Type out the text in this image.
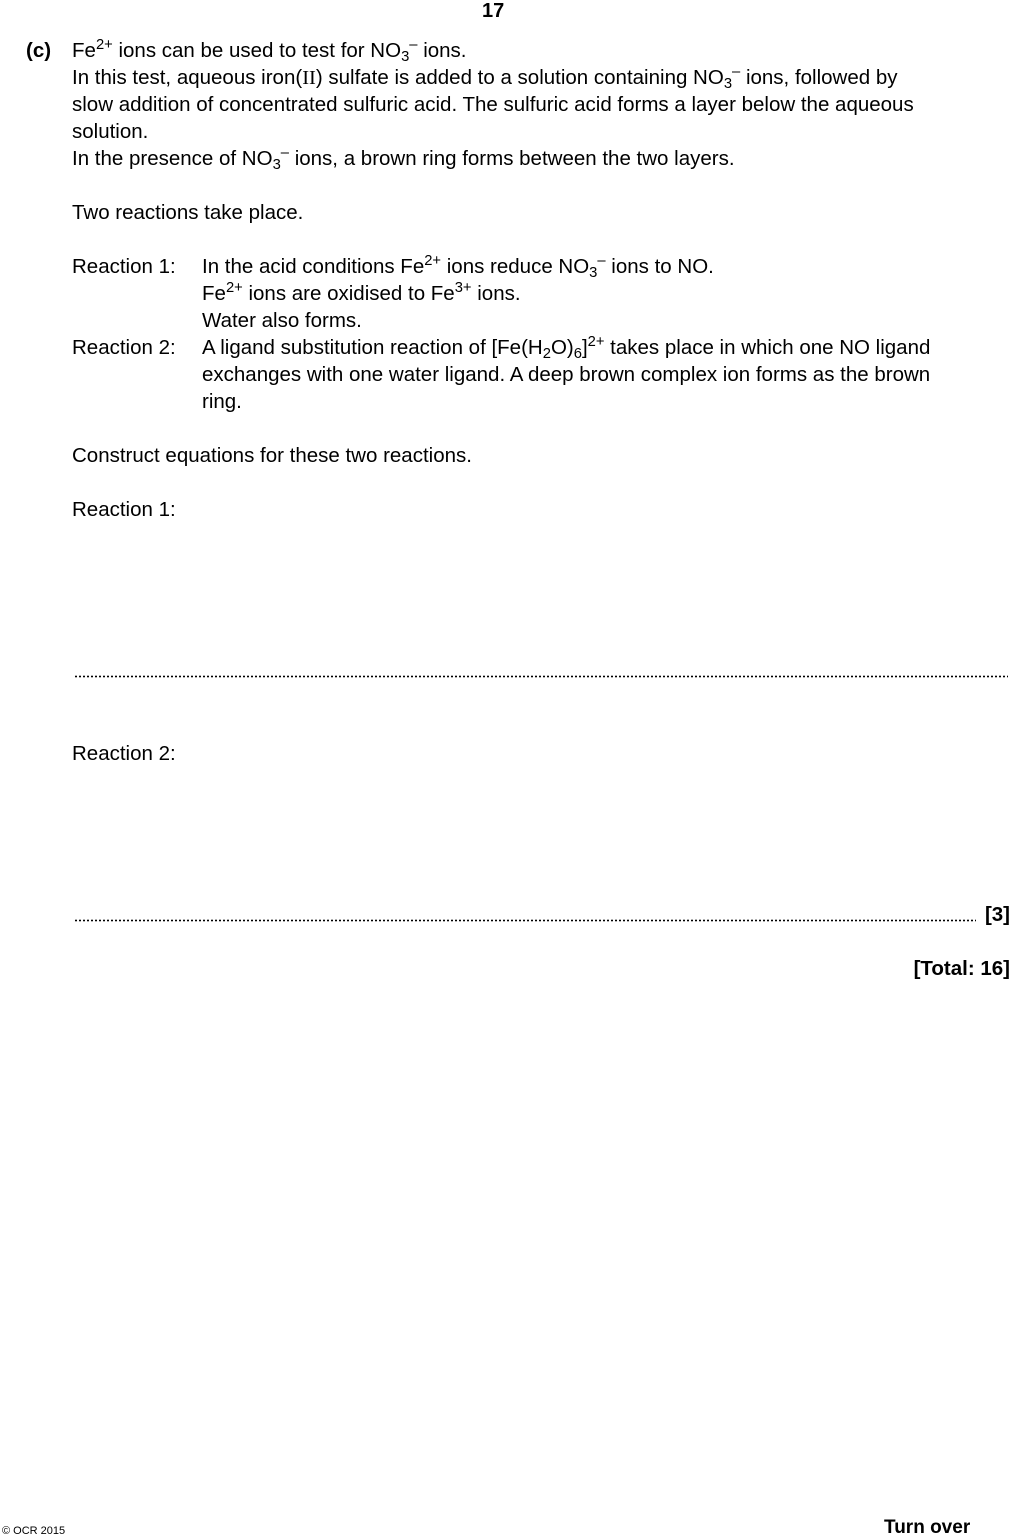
17
(c) $Fe^{2+}$ ions can be used to test for $NO_3^-$ ions.
In this test, aqueous iron(II) sulfate is added to a solution containing $NO_3^-$ ions, followed by
slow addition of concentrated sulfuric acid. The sulfuric acid forms a layer below the aqueous
solution.
In the presence of $NO_3^-$ ions, a brown ring forms between the two layers.
Two reactions take place.
Reaction 1: In the acid conditions $Fe^{2+}$ ions reduce $NO_3^-$ ions to NO.
$Fe^{2+}$ ions are oxidised to $Fe^{3+}$ ions.
Water also forms.
Reaction 2: A ligand substitution reaction of $[Fe(H_2O)_6]^{2+}$ takes place in which one NO ligand
exchanges with one water ligand. A deep brown complex ion forms as the brown
ring.
Construct equations for these two reactions.
Reaction 1:
Reaction 2:
[3]
[Total: 16]
© OCR 2015	Turn over
